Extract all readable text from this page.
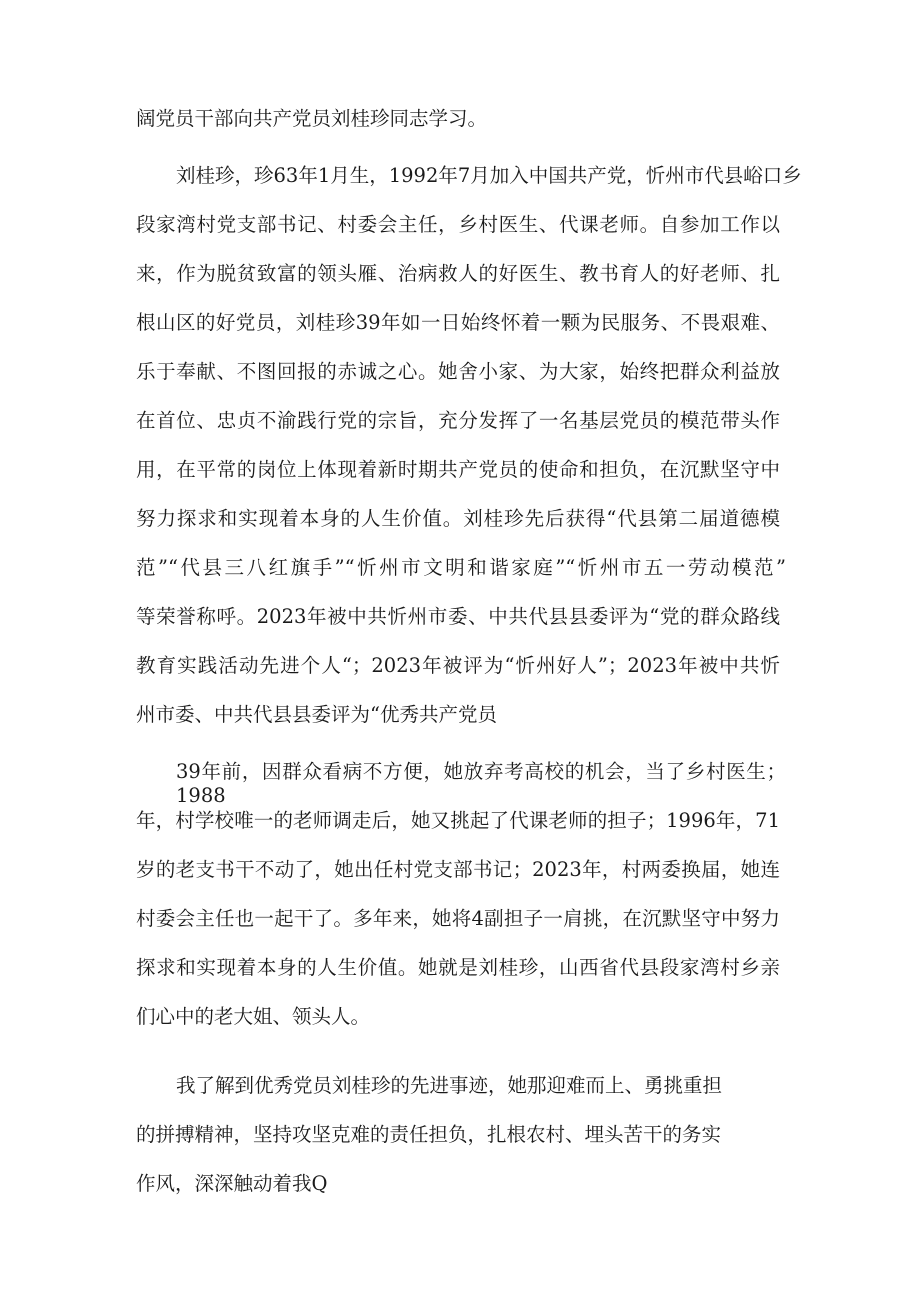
阔党员干部向共产党员刘桂珍同志学习。

刘桂珍，珍63年1月生，1992年7月加入中国共产党，忻州市代县峪口乡

段家湾村党支部书记、村委会主任，乡村医生、代课老师。自参加工作以

来，作为脱贫致富的领头雁、治病救人的好医生、教书育人的好老师、扎

根山区的好党员，刘桂珍39年如一日始终怀着一颗为民服务、不畏艰难、

乐于奉献、不图回报的赤诚之心。她舍小家、为大家，始终把群众利益放

在首位、忠贞不渝践行党的宗旨，充分发挥了一名基层党员的模范带头作

用，在平常的岗位上体现着新时期共产党员的使命和担负，在沉默坚守中

努力探求和实现着本身的人生价值。刘桂珍先后获得“代县第二届道德模

范”“代县三八红旗手”“忻州市文明和谐家庭”“忻州市五一劳动模范”

等荣誉称呼。2023年被中共忻州市委、中共代县县委评为“党的群众路线

教育实践活动先进个人“；2023年被评为“忻州好人”；2023年被中共忻

州市委、中共代县县委评为“优秀共产党员

39年前，因群众看病不方便，她放弃考高校的机会，当了乡村医生；1988

年，村学校唯一的老师调走后，她又挑起了代课老师的担子；1996年，71

岁的老支书干不动了，她出任村党支部书记；2023年，村两委换届，她连

村委会主任也一起干了。多年来，她将4副担子一肩挑，在沉默坚守中努力

探求和实现着本身的人生价值。她就是刘桂珍，山西省代县段家湾村乡亲

们心中的老大姐、领头人。

我了解到优秀党员刘桂珍的先进事迹，她那迎难而上、勇挑重担

的拼搏精神，坚持攻坚克难的责任担负，扎根农村、埋头苦干的务实

作风，深深触动着我Q
